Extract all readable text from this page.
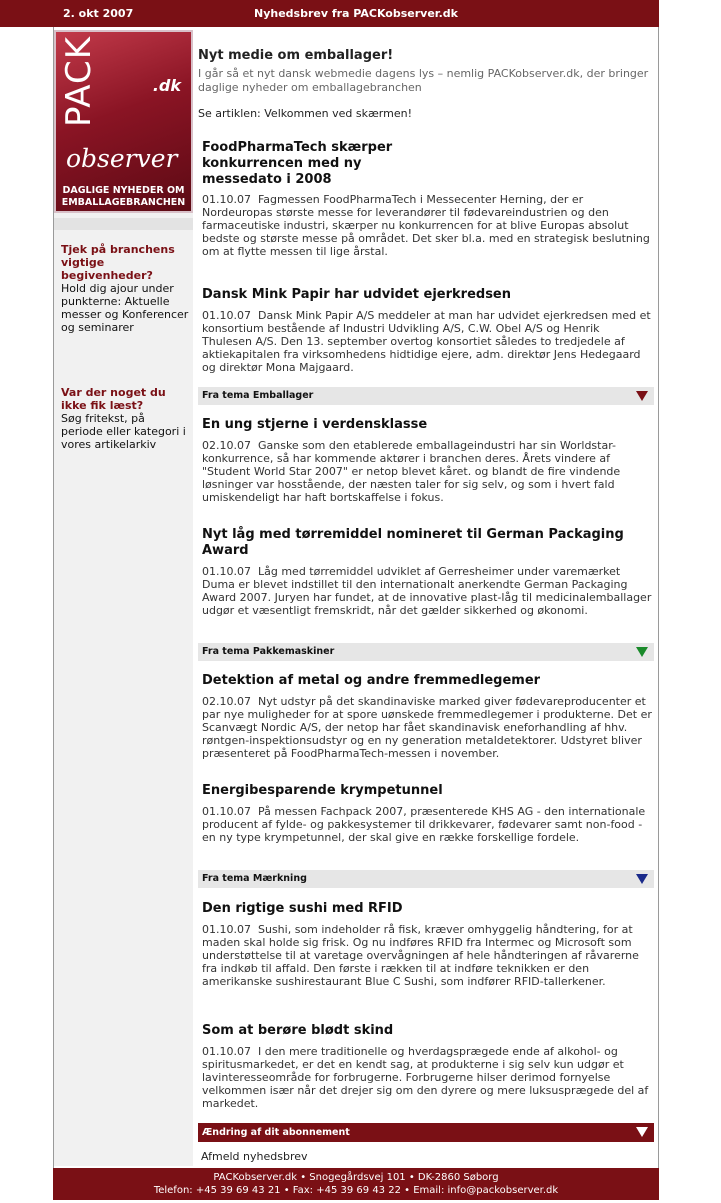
2. okt 2007	Nyhedsbrev fra PACKobserver.dk
PACK	.dk
observer
DAGLIGE NYHEDER OM
EMBALLAGEBRANCHEN
Tjek på branchens vigtige begivenheder?
Hold dig ajour under punkterne: Aktuelle messer og Konferencer og seminarer
Var der noget du ikke fik læst?
Søg fritekst, på periode eller kategori i vores artikelarkiv
Nyt medie om emballager!
I går så et nyt dansk webmedie dagens lys – nemlig PACKobserver.dk, der bringer daglige nyheder om emballagebranchen
Se artiklen: Velkommen ved skærmen!
FoodPharmaTech skærper konkurrencen med ny messedato i 2008

01.10.07 Fagmessen FoodPharmaTech i Messecenter Herning, der er Nordeuropas største messe for leverandører til fødevareindustrien og den farmaceutiske industri, skærper nu konkurrencen for at blive Europas absolut bedste og største messe på området. Det sker bl.a. med en strategisk beslutning om at flytte messen til lige årstal.

Dansk Mink Papir har udvidet ejerkredsen

01.10.07 Dansk Mink Papir A/S meddeler at man har udvidet ejerkredsen med et konsortium bestående af Industri Udvikling A/S, C.W. Obel A/S og Henrik Thulesen A/S. Den 13. september overtog konsortiet således to tredjedele af aktiekapitalen fra virksomhedens hidtidige ejere, adm. direktør Jens Hedegaard og direktør Mona Majgaard.

Fra tema Emballager
En ung stjerne i verdensklasse

02.10.07 Ganske som den etablerede emballageindustri har sin Worldstar-konkurrence, så har kommende aktører i branchen deres. Årets vindere af "Student World Star 2007" er netop blevet kåret. og blandt de fire vindende løsninger var hosstående, der næsten taler for sig selv, og som i hvert fald umiskendeligt har haft bortskaffelse i fokus.

Nyt låg med tørremiddel nomineret til German Packaging Award

01.10.07 Låg med tørremiddel udviklet af Gerresheimer under varemærket Duma er blevet indstillet til den internationalt anerkendte German Packaging Award 2007. Juryen har fundet, at de innovative plast-låg til medicinalemballager udgør et væsentligt fremskridt, når det gælder sikkerhed og økonomi.

Fra tema Pakkemaskiner
Detektion af metal og andre fremmedlegemer

02.10.07 Nyt udstyr på det skandinaviske marked giver fødevareproducenter et par nye muligheder for at spore uønskede fremmedlegemer i produkterne. Det er Scanvægt Nordic A/S, der netop har fået skandinavisk eneforhandling af hhv. røntgen-inspektionsudstyr og en ny generation metaldetektorer. Udstyret bliver præsenteret på FoodPharmaTech-messen i november.

Energibesparende krympetunnel

01.10.07 På messen Fachpack 2007, præsenterede KHS AG - den internationale producent af fylde- og pakkesystemer til drikkevarer, fødevarer samt non-food - en ny type krympetunnel, der skal give en række forskellige fordele.

Fra tema Mærkning
Den rigtige sushi med RFID

01.10.07 Sushi, som indeholder rå fisk, kræver omhyggelig håndtering, for at maden skal holde sig frisk. Og nu indføres RFID fra Intermec og Microsoft som understøttelse til at varetage overvågningen af hele håndteringen af råvarerne fra indkøb til affald. Den første i rækken til at indføre teknikken er den amerikanske sushirestaurant Blue C Sushi, som indfører RFID-tallerkener.

Som at berøre blødt skind

01.10.07 I den mere traditionelle og hverdagsprægede ende af alkohol- og spiritusmarkedet, er det en kendt sag, at produkterne i sig selv kun udgør et lavinteresseområde for forbrugerne. Forbrugerne hilser derimod fornyelse velkommen især når det drejer sig om den dyrere og mere luksusprægede del af markedet.

Ændring af dit abonnement
Afmeld nyhedsbrev
PACKobserver.dk • Snogegårdsvej 101 • DK-2860 Søborg
Telefon: +45 39 69 43 21 • Fax: +45 39 69 43 22 • Email: info@packobserver.dk
